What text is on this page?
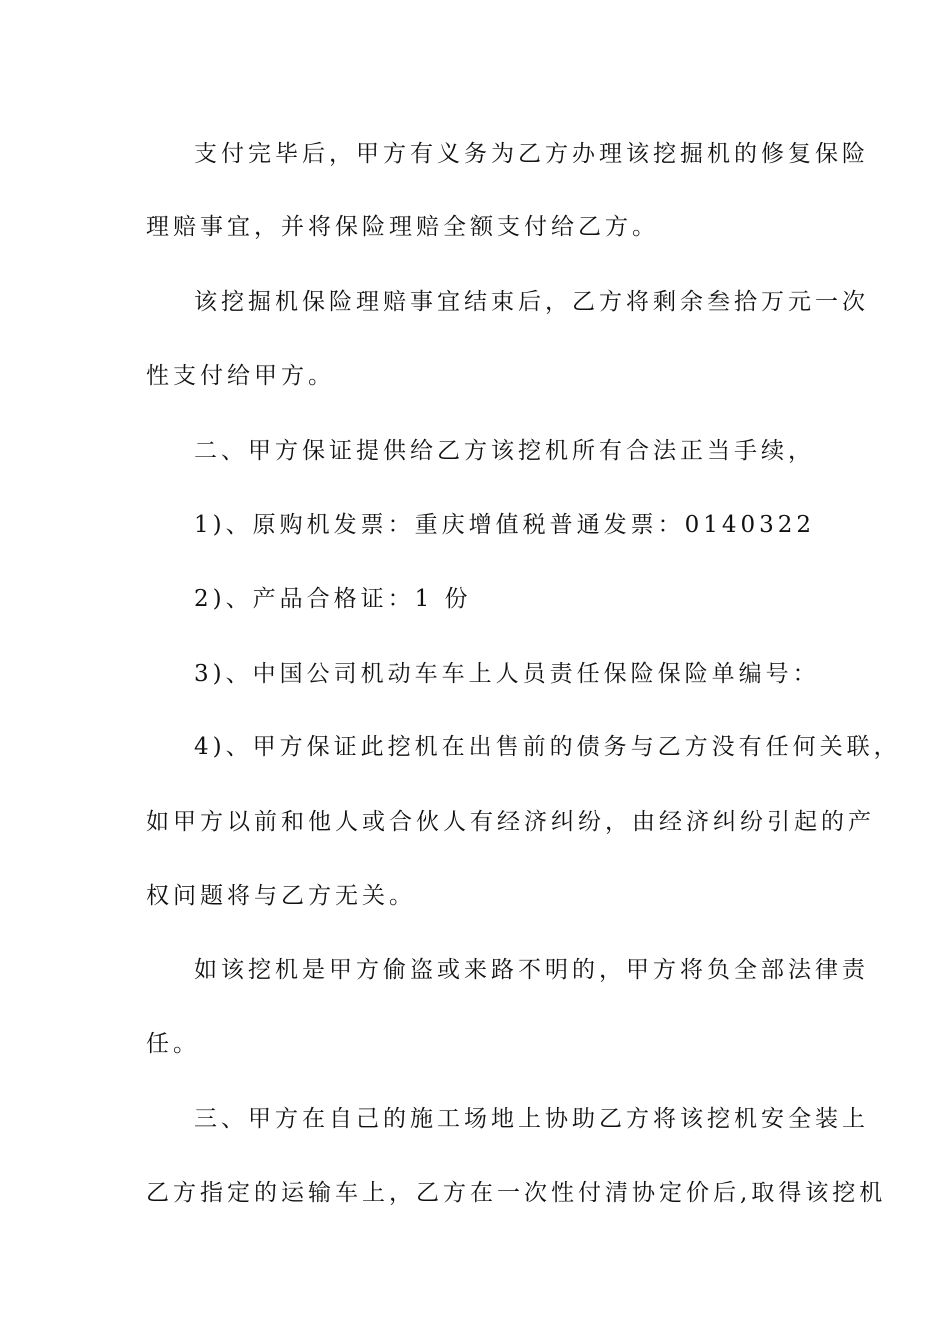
支付完毕后，甲方有义务为乙方办理该挖掘机的修复保险
理赔事宜，并将保险理赔全额支付给乙方。
该挖掘机保险理赔事宜结束后，乙方将剩余叁拾万元一次
性支付给甲方。
二、甲方保证提供给乙方该挖机所有合法正当手续，
1)、原购机发票：重庆增值税普通发票：0140322
2)、产品合格证：1 份
3)、中国公司机动车车上人员责任保险保险单编号：
4)、甲方保证此挖机在出售前的债务与乙方没有任何关联，
如甲方以前和他人或合伙人有经济纠纷，由经济纠纷引起的产
权问题将与乙方无关。
如该挖机是甲方偷盗或来路不明的，甲方将负全部法律责
任。
三、甲方在自己的施工场地上协助乙方将该挖机安全装上
乙方指定的运输车上，乙方在一次性付清协定价后,取得该挖机
